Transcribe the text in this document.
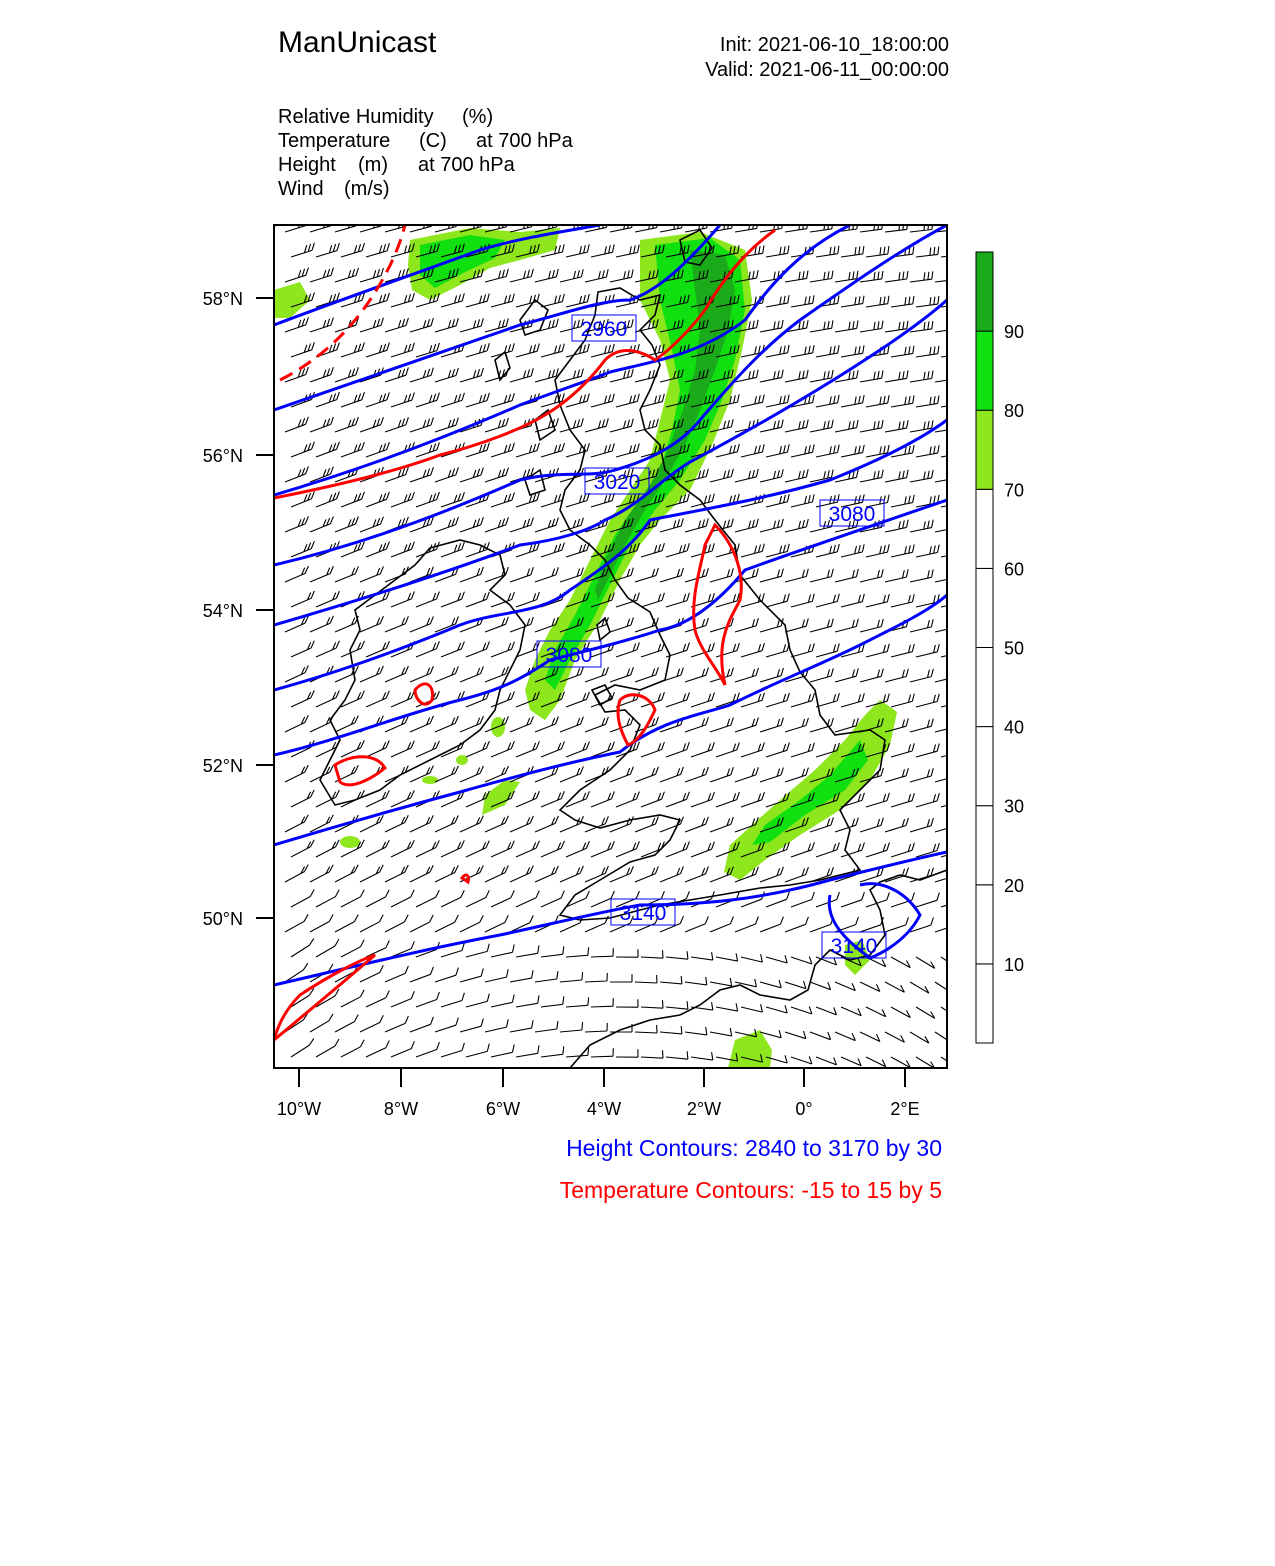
ManUnicast	Init: 2021-06-10_18:00:00
Valid: 2021-06-11_00:00:00
Relative Humidity (%)
Temperature (C) at 700 hPa
Height (m) at 700 hPa
Wind (m/s)
2960
3020
3080
3080
3140
3140
58°N
56°N
54°N
52°N
50°N
10°W	8°W	6°W	4°W	2°W	0°	2°E
10
20
30
40
50
60
70
80
90
Height Contours: 2840 to 3170 by 30
Temperature Contours: -15 to 15 by 5
